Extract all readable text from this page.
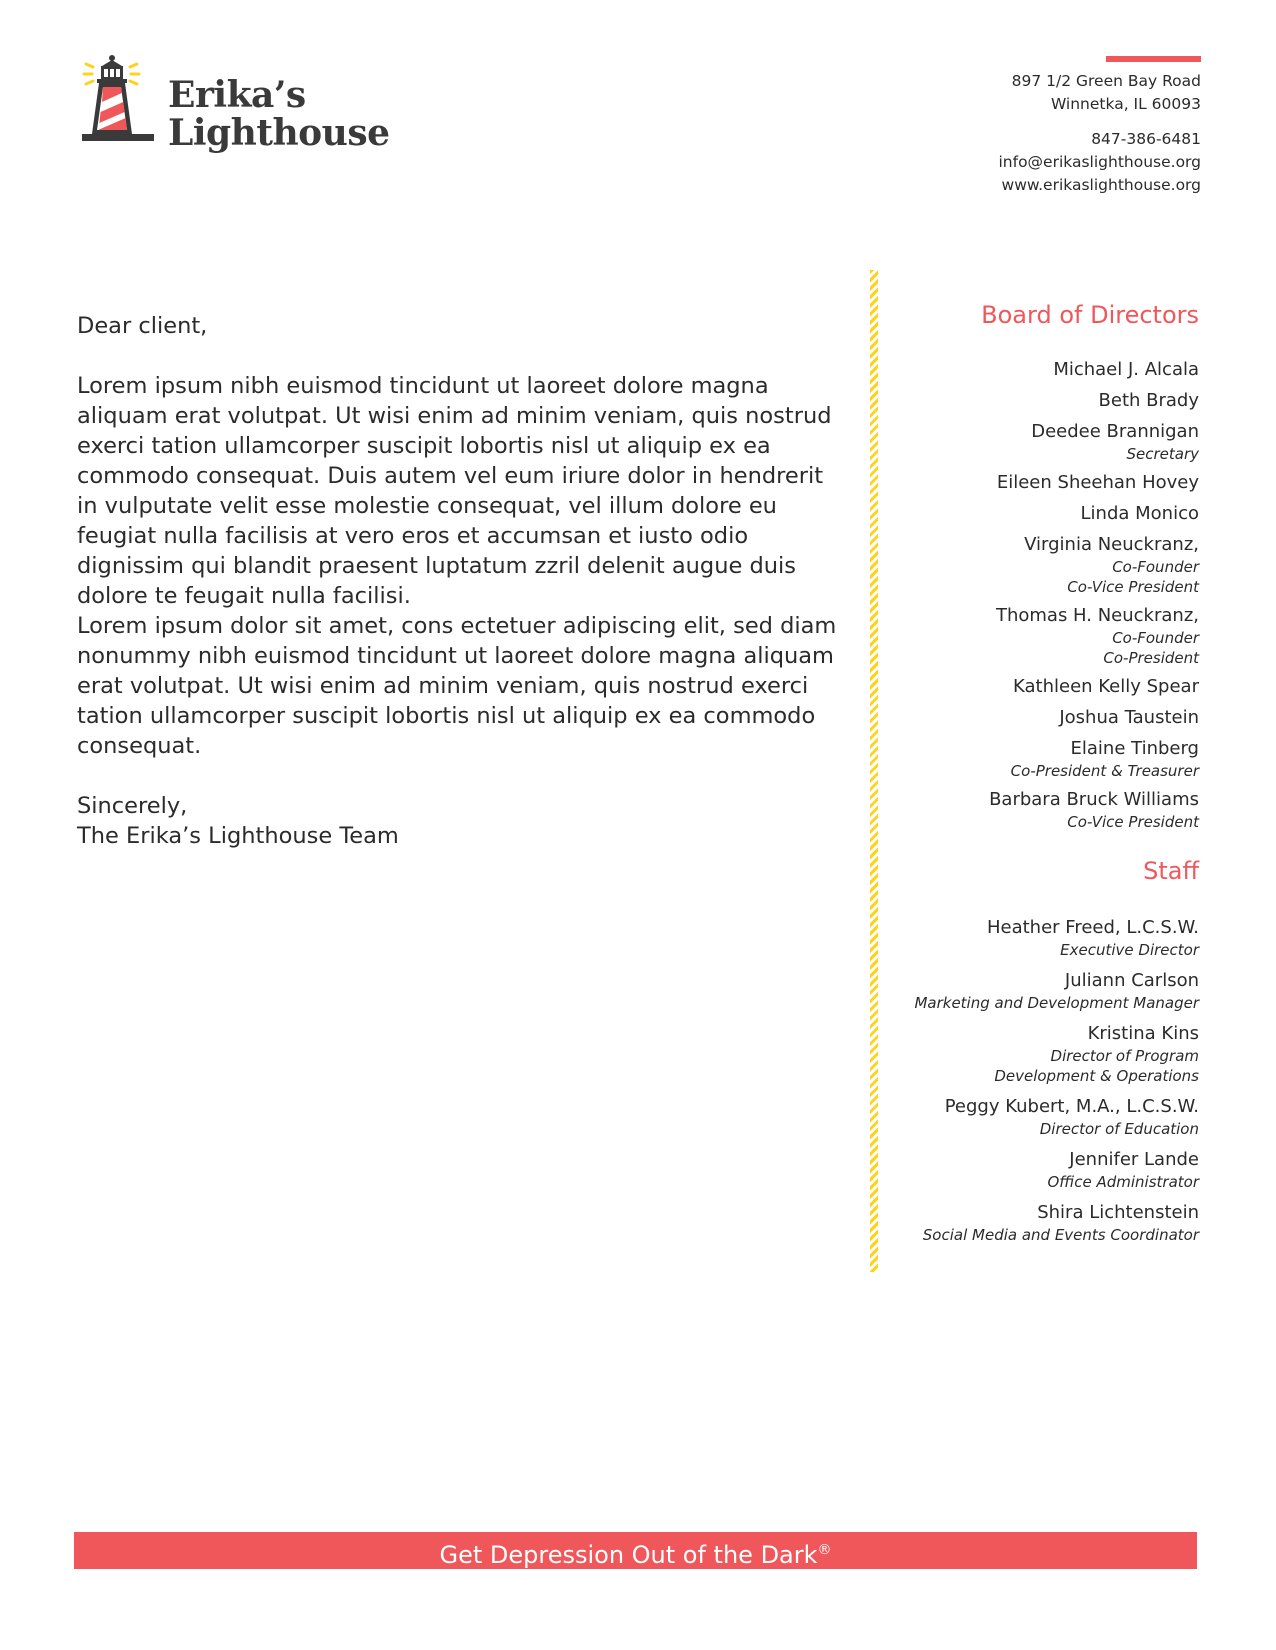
Erika’s
Lighthouse
897 1/2 Green Bay Road
Winnetka, IL 60093
847-386-6481
info@erikaslighthouse.org
www.erikaslighthouse.org

Dear client,

Lorem ipsum nibh euismod tincidunt ut laoreet dolore magna aliquam erat volutpat. Ut wisi enim ad minim veniam, quis nostrud exerci tation ullamcorper suscipit lobortis nisl ut aliquip ex ea commodo consequat. Duis autem vel eum iriure dolor in hendrerit in vulputate velit esse molestie consequat, vel illum dolore eu feugiat nulla facilisis at vero eros et accumsan et iusto odio dignissim qui blandit praesent luptatum zzril delenit augue duis dolore te feugait nulla facilisi.

Lorem ipsum dolor sit amet, cons ectetuer adipiscing elit, sed diam nonummy nibh euismod tincidunt ut laoreet dolore magna aliquam erat volutpat. Ut wisi enim ad minim veniam, quis nostrud exerci tation ullamcorper suscipit lobortis nisl ut aliquip ex ea commodo consequat.

Sincerely,

The Erika’s Lighthouse Team

Board of Directors
Michael J. Alcala
Beth Brady
Deedee Brannigan
Secretary
Eileen Sheehan Hovey
Linda Monico
Virginia Neuckranz,
Co-Founder
Co-Vice President
Thomas H. Neuckranz,
Co-Founder
Co-President
Kathleen Kelly Spear
Joshua Taustein
Elaine Tinberg
Co-President & Treasurer
Barbara Bruck Williams
Co-Vice President
Staff
Heather Freed, L.C.S.W.
Executive Director
Juliann Carlson
Marketing and Development Manager
Kristina Kins
Director of Program
Development & Operations
Peggy Kubert, M.A., L.C.S.W.
Director of Education
Jennifer Lande
Office Administrator
Shira Lichtenstein
Social Media and Events Coordinator
Get Depression Out of the Dark®
